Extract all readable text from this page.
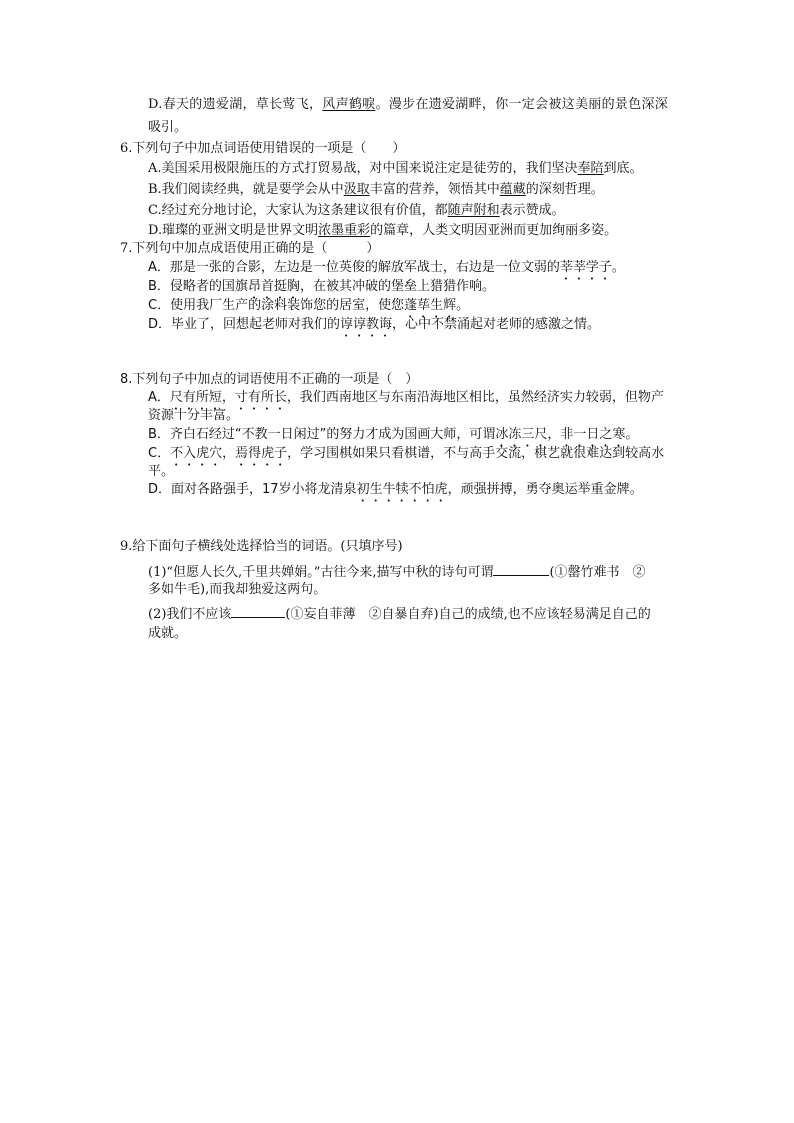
D.春天的遗爱湖，草长莺飞，风声鹤唳。漫步在遗爱湖畔，你一定会被这美丽的景色深深
吸引。
6.下列句子中加点词语使用错误的一项是（　　）
A.美国采用极限施压的方式打贸易战，对中国来说注定是徒劳的，我们坚决奉陪到底。
B.我们阅读经典，就是要学会从中汲取丰富的营养，领悟其中蕴藏的深刻哲理。
C.经过充分地讨论，大家认为这条建议很有价值，都随声附和表示赞成。
D.璀璨的亚洲文明是世界文明浓墨重彩的篇章，人类文明因亚洲而更加绚丽多姿。
7.下列句中加点成语使用正确的是（　　　）
A．那是一张的合影，左边是一位英俊的解放军战士，右边是一位文弱的莘莘学子。
B．侵略者的国旗昂首挺胸，在被其冲破的堡垒上猎猎作响。
C．使用我厂生产的涂料装饰您的居室，使您蓬荜生辉。
D．毕业了，回想起老师对我们的谆谆教诲，心中不禁涌起对老师的感激之情。
8.下列句子中加点的词语使用不正确的一项是（　）
A．尺有所短，寸有所长，我们西南地区与东南沿海地区相比，虽然经济实力较弱，但物产
资源十分丰富。
B．齐白石经过“不教一日闲过”的努力才成为国画大师，可谓冰冻三尺，非一日之寒。
C．不入虎穴，焉得虎子，学习围棋如果只看棋谱，不与高手交流，棋艺就很难达到较高水
平。
D．面对各路强手，17岁小将龙清泉初生牛犊不怕虎，顽强拼搏，勇夺奥运举重金牌。
9.给下面句子横线处选择恰当的词语。(只填序号)
(1)“但愿人长久,千里共婵娟。”古往今来,描写中秋的诗句可谓	(①罄竹难书　②
多如牛毛),而我却独爱这两句。
(2)我们不应该	(①妄自菲薄　②自暴自弃)自己的成绩,也不应该轻易满足自己的
成就。
